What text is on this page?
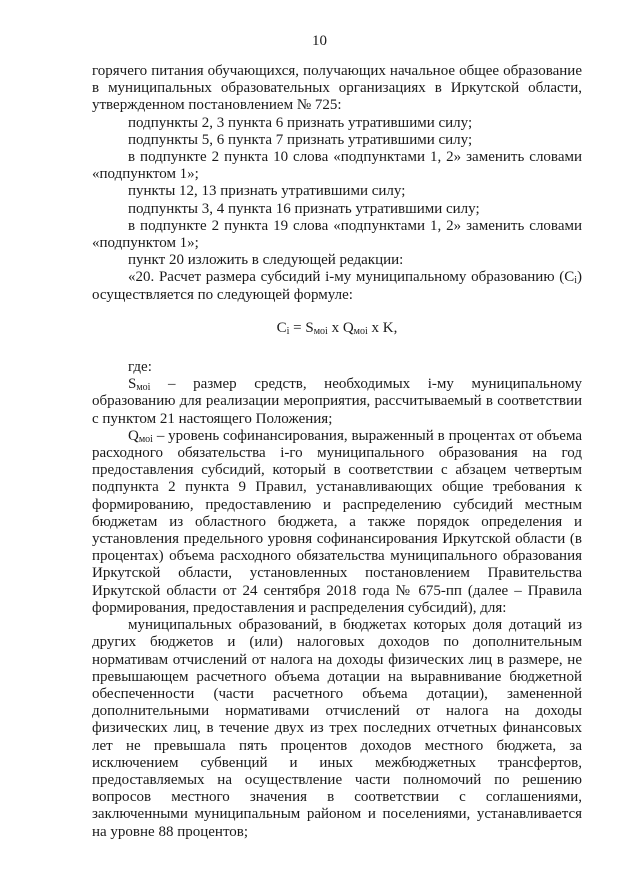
10

горячего питания обучающихся, получающих начальное общее образование в муниципальных образовательных организациях в Иркутской области, утвержденном постановлением № 725:

подпункты 2, 3 пункта 6 признать утратившими силу;

подпункты 5, 6 пункта 7 признать утратившими силу;

в подпункте 2 пункта 10 слова «подпунктами 1, 2» заменить словами «подпунктом 1»;

пункты 12, 13 признать утратившими силу;

подпункты 3, 4 пункта 16 признать утратившими силу;

в подпункте 2 пункта 19 слова «подпунктами 1, 2» заменить словами «подпунктом 1»;

пункт 20 изложить в следующей редакции:

«20. Расчет размера субсидий i-му муниципальному образованию $(C_i)$ осуществляется по следующей формуле:

$C_i = S_{мoi}$ x $Q_{мoi}$ x K,

где:

$S_{мoi}$ – размер средств, необходимых i-му муниципальному образованию для реализации мероприятия, рассчитываемый в соответствии с пунктом 21 настоящего Положения;

$Q_{мoi}$ – уровень софинансирования, выраженный в процентах от объема расходного обязательства i-го муниципального образования на год предоставления субсидий, который в соответствии с абзацем четвертым подпункта 2 пункта 9 Правил, устанавливающих общие требования к формированию, предоставлению и распределению субсидий местным бюджетам из областного бюджета, а также порядок определения и установления предельного уровня софинансирования Иркутской области (в процентах) объема расходного обязательства муниципального образования Иркутской области, установленных постановлением Правительства Иркутской области от 24 сентября 2018 года № 675-пп (далее – Правила формирования, предоставления и распределения субсидий), для:

муниципальных образований, в бюджетах которых доля дотаций из других бюджетов и (или) налоговых доходов по дополнительным нормативам отчислений от налога на доходы физических лиц в размере, не превышающем расчетного объема дотации на выравнивание бюджетной обеспеченности (части расчетного объема дотации), замененной дополнительными нормативами отчислений от налога на доходы физических лиц, в течение двух из трех последних отчетных финансовых лет не превышала пять процентов доходов местного бюджета, за исключением субвенций и иных межбюджетных трансфертов, предоставляемых на осуществление части полномочий по решению вопросов местного значения в соответствии с соглашениями, заключенными муниципальным районом и поселениями, устанавливается на уровне 88 процентов;
